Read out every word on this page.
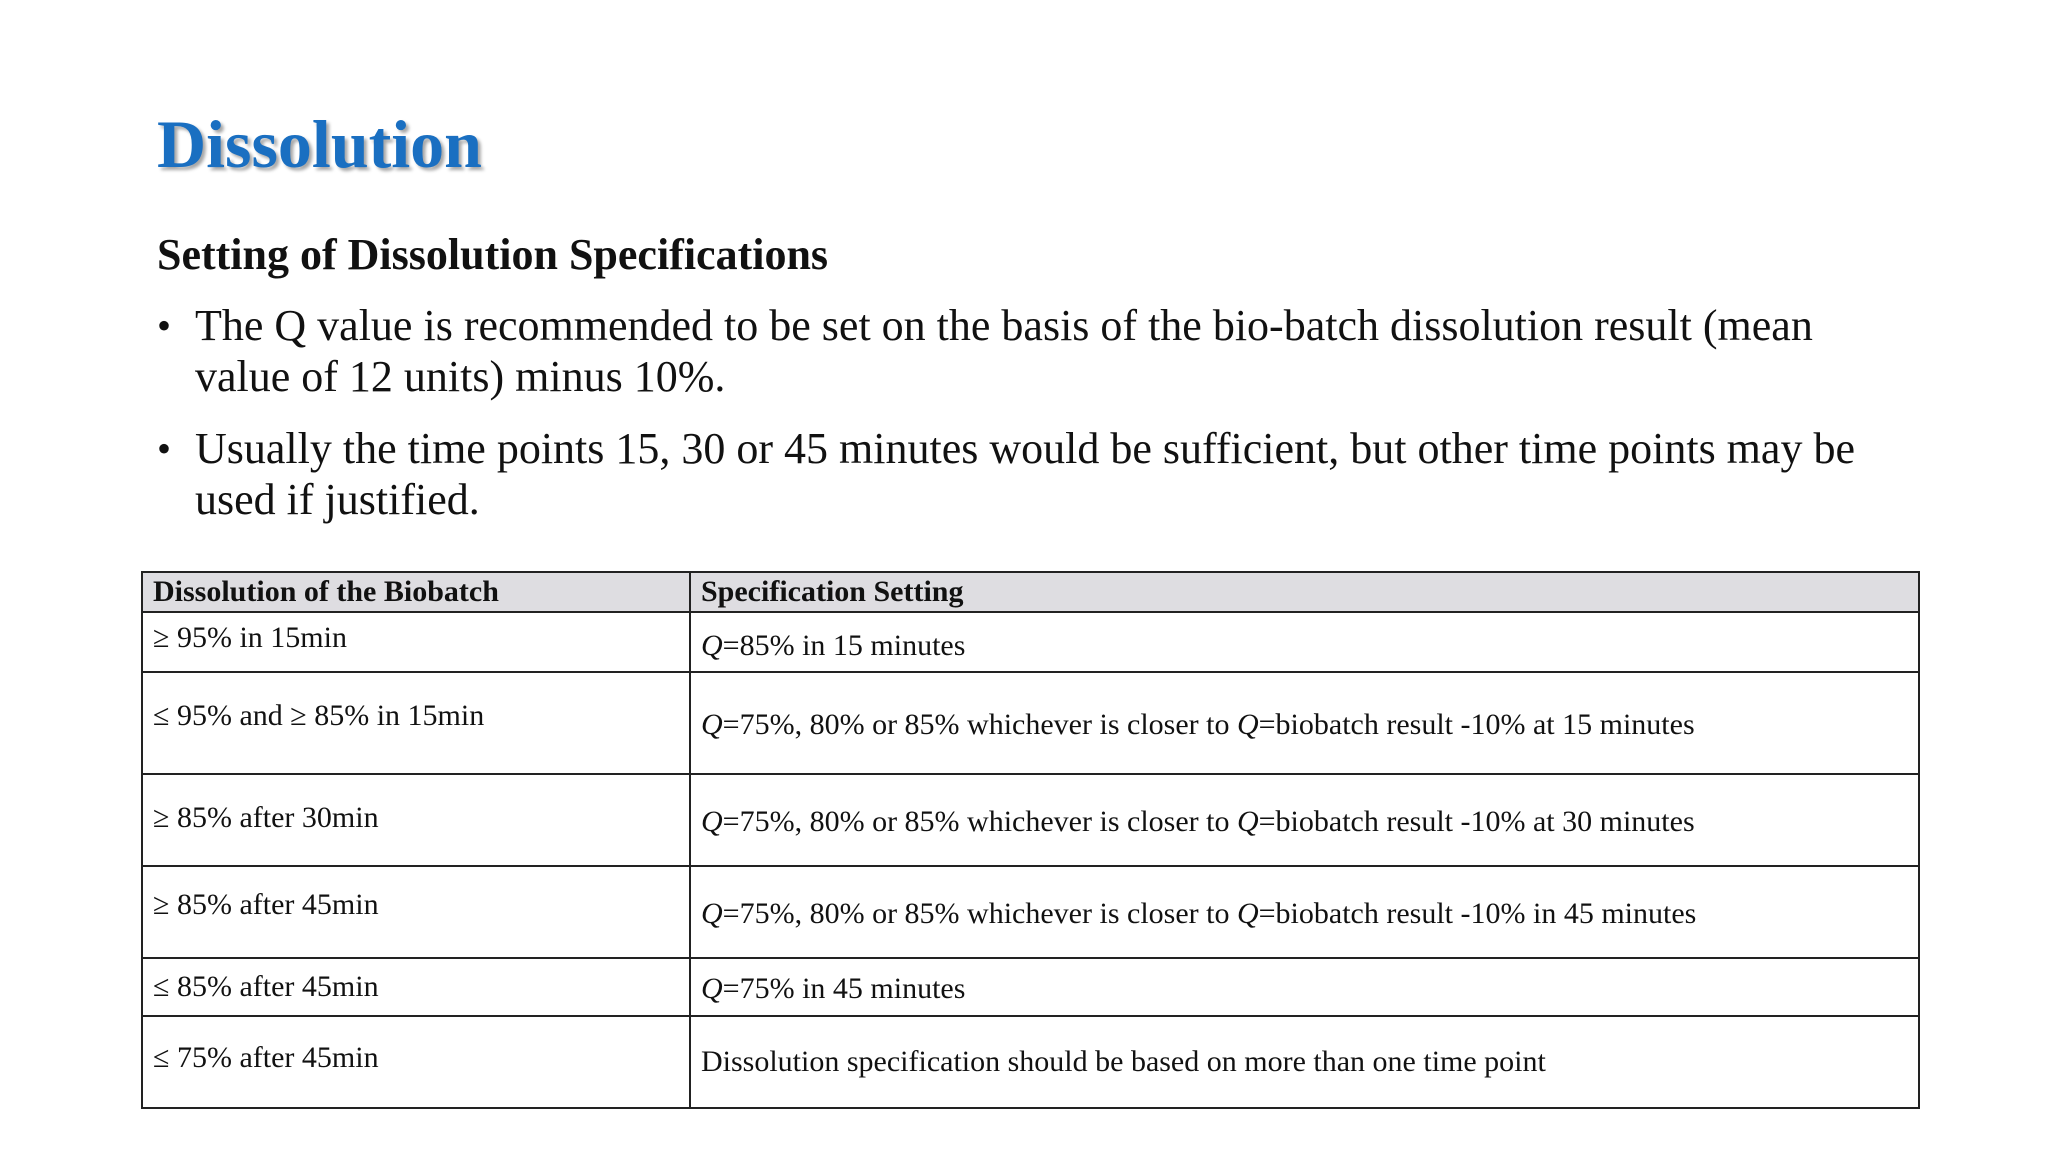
Dissolution
Setting of Dissolution Specifications
• The Q value is recommended to be set on the basis of the bio-batch dissolution result (mean value of 12 units) minus 10%.
• Usually the time points 15, 30 or 45 minutes would be sufficient, but other time points may be used if justified.
Dissolution of the Biobatch	Specification Setting
≥ 95% in 15min	Q=85% in 15 minutes
≤ 95% and ≥ 85% in 15min	Q=75%, 80% or 85% whichever is closer to Q=biobatch result -10% at 15 minutes
≥ 85% after 30min	Q=75%, 80% or 85% whichever is closer to Q=biobatch result -10% at 30 minutes
≥ 85% after 45min	Q=75%, 80% or 85% whichever is closer to Q=biobatch result -10% in 45 minutes
≤ 85% after 45min	Q=75% in 45 minutes
≤ 75% after 45min	Dissolution specification should be based on more than one time point
